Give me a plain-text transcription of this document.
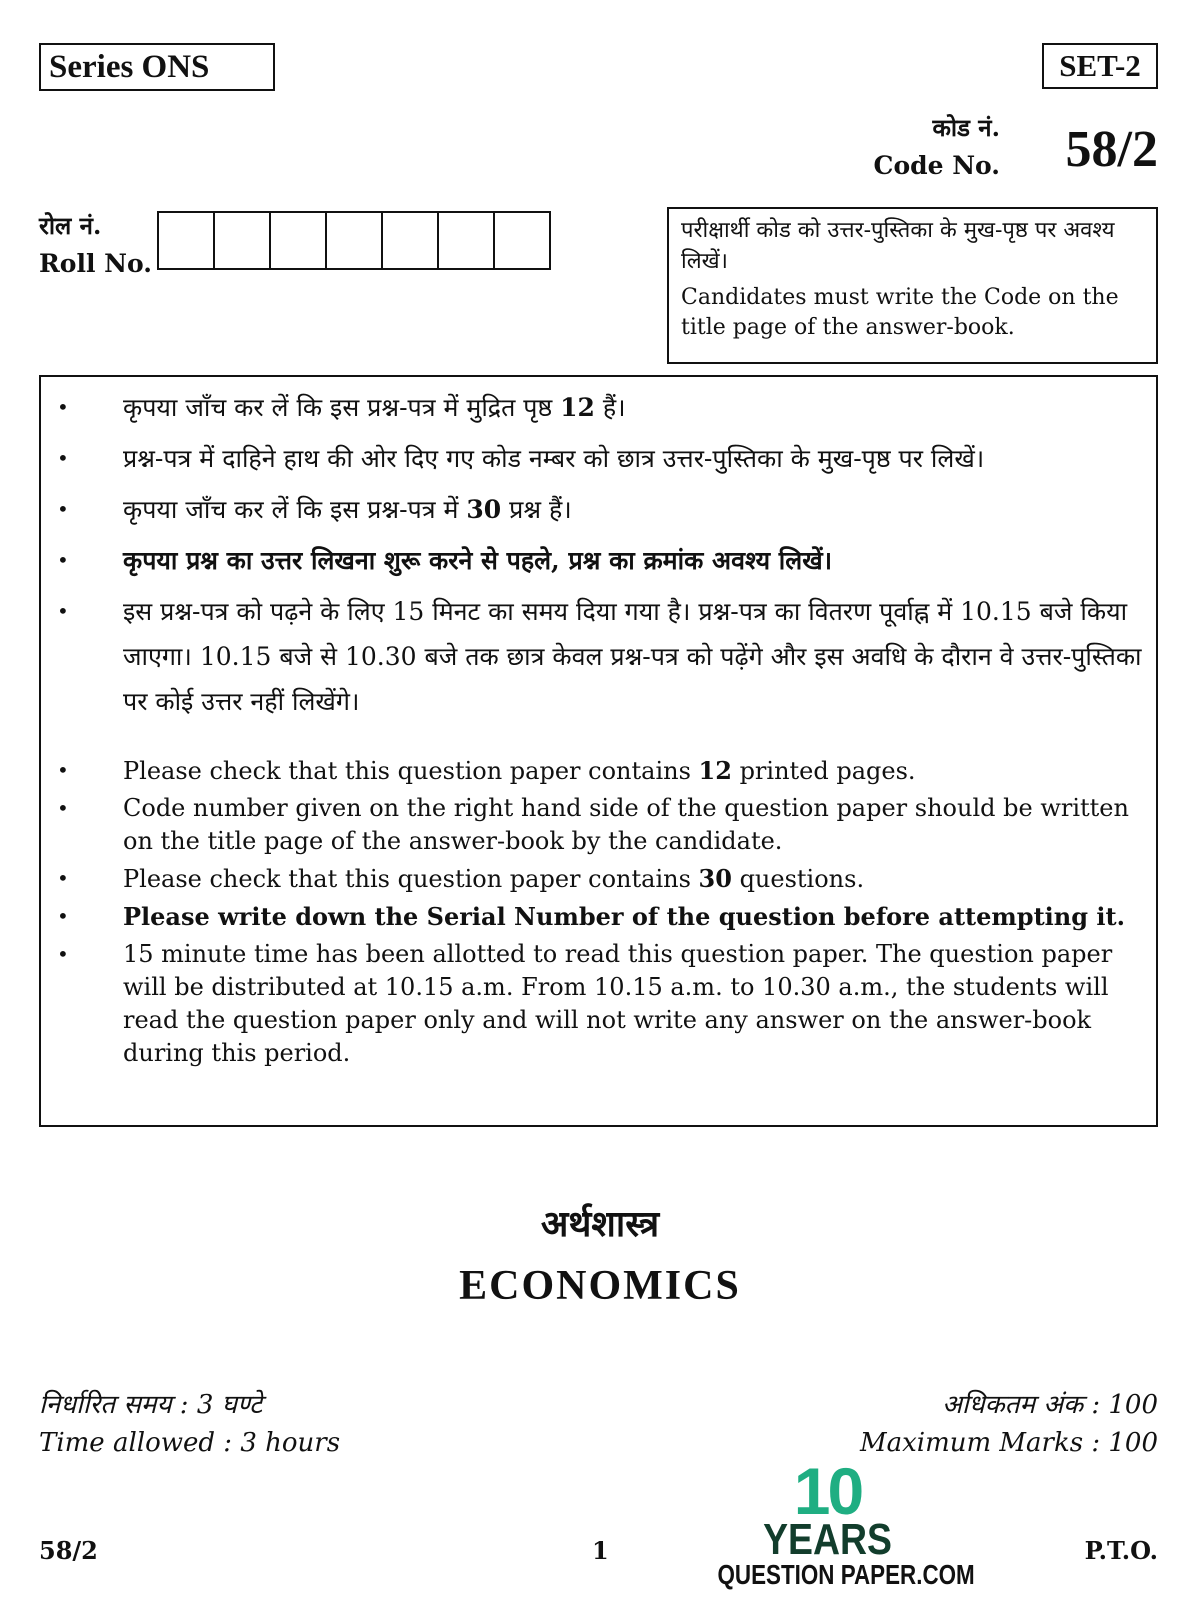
Series ONS	SET-2
कोड नं.
Code No. 58/2
रोल नं.
Roll No.
परीक्षार्थी कोड को उत्तर-पुस्तिका के मुख-पृष्ठ पर अवश्य लिखें।
Candidates must write the Code on the title page of the answer-book.
• कृपया जाँच कर लें कि इस प्रश्न-पत्र में मुद्रित पृष्ठ 12 हैं।
• प्रश्न-पत्र में दाहिने हाथ की ओर दिए गए कोड नम्बर को छात्र उत्तर-पुस्तिका के मुख-पृष्ठ पर लिखें।
• कृपया जाँच कर लें कि इस प्रश्न-पत्र में 30 प्रश्न हैं।
• कृपया प्रश्न का उत्तर लिखना शुरू करने से पहले, प्रश्न का क्रमांक अवश्य लिखें।
• इस प्रश्न-पत्र को पढ़ने के लिए 15 मिनट का समय दिया गया है। प्रश्न-पत्र का वितरण पूर्वाह्न में 10.15 बजे किया जाएगा। 10.15 बजे से 10.30 बजे तक छात्र केवल प्रश्न-पत्र को पढ़ेंगे और इस अवधि के दौरान वे उत्तर-पुस्तिका पर कोई उत्तर नहीं लिखेंगे।
• Please check that this question paper contains 12 printed pages.
• Code number given on the right hand side of the question paper should be written on the title page of the answer-book by the candidate.
• Please check that this question paper contains 30 questions.
• Please write down the Serial Number of the question before attempting it.
• 15 minute time has been allotted to read this question paper. The question paper will be distributed at 10.15 a.m. From 10.15 a.m. to 10.30 a.m., the students will read the question paper only and will not write any answer on the answer-book during this period.
अर्थशास्त्र
ECONOMICS
निर्धारित समय : 3 घण्टे
Time allowed : 3 hours
अधिकतम अंक : 100
Maximum Marks : 100
58/2	1	P.T.O.
10
YEARS
QUESTION PAPER.COM
